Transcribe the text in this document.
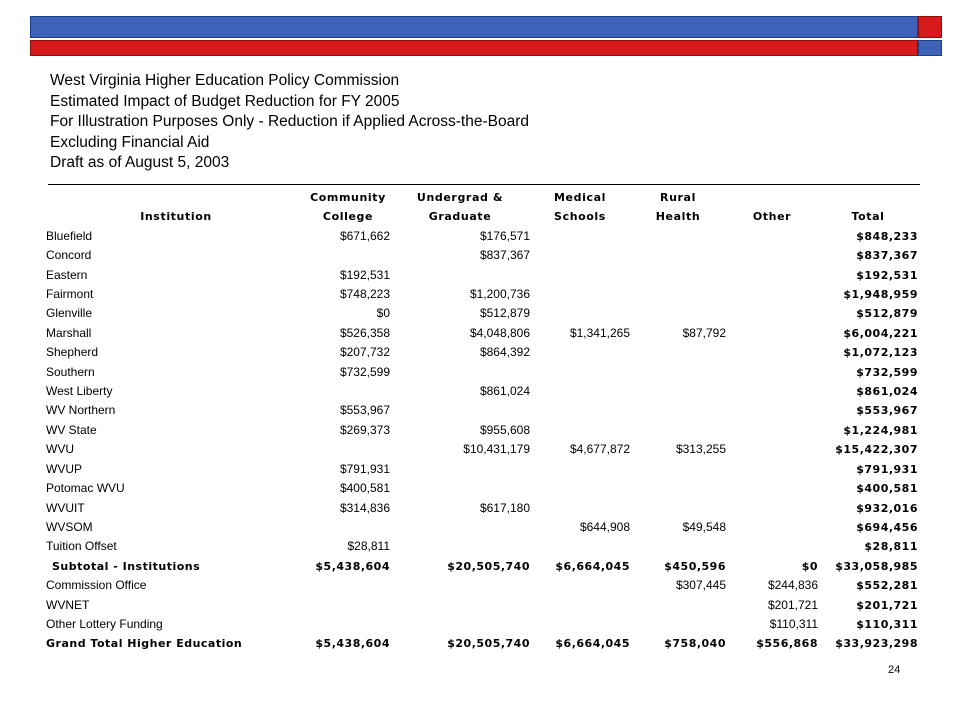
West Virginia Higher Education Policy Commission
Estimated Impact of Budget Reduction for FY 2005
For Illustration Purposes Only - Reduction if Applied Across-the-Board
Excluding Financial Aid
Draft as of August 5, 2003
	Community	Undergrad &	Medical	Rural		
Institution	College	Graduate	Schools	Health	Other	Total
Bluefield	$671,662	$176,571				$848,233
Concord		$837,367				$837,367
Eastern	$192,531					$192,531
Fairmont	$748,223	$1,200,736				$1,948,959
Glenville	$0	$512,879				$512,879
Marshall	$526,358	$4,048,806	$1,341,265	$87,792		$6,004,221
Shepherd	$207,732	$864,392				$1,072,123
Southern	$732,599					$732,599
West Liberty		$861,024				$861,024
WV Northern	$553,967					$553,967
WV State	$269,373	$955,608				$1,224,981
WVU		$10,431,179	$4,677,872	$313,255		$15,422,307
WVUP	$791,931					$791,931
Potomac WVU	$400,581					$400,581
WVUIT	$314,836	$617,180				$932,016
WVSOM			$644,908	$49,548		$694,456
Tuition Offset	$28,811					$28,811
Subtotal - Institutions	$5,438,604	$20,505,740	$6,664,045	$450,596	$0	$33,058,985
Commission Office				$307,445	$244,836	$552,281
WVNET					$201,721	$201,721
Other Lottery Funding					$110,311	$110,311
Grand Total Higher Education	$5,438,604	$20,505,740	$6,664,045	$758,040	$556,868	$33,923,298
24
